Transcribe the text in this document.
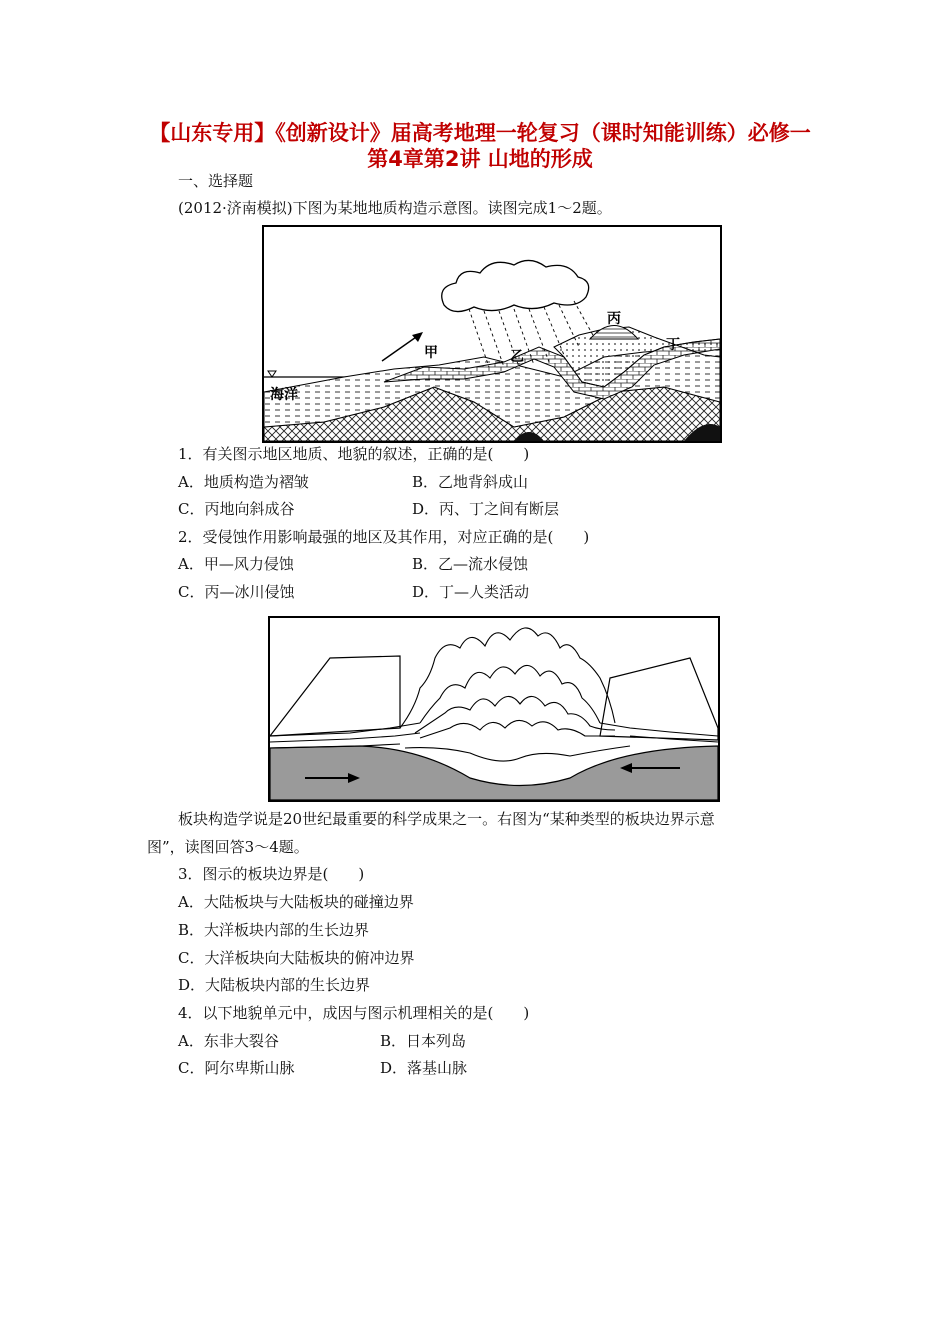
【山东专用】《创新设计》届高考地理一轮复习（课时知能训练）必修一 第4章第2讲 山地的形成
一、选择题
(2012·济南模拟)下图为某地地质构造示意图。读图完成1～2题。
海洋
甲	乙
丙
丁
1．有关图示地区地质、地貌的叙述，正确的是(　　)
A．地质构造为褶皱	B．乙地背斜成山
C．丙地向斜成谷	D．丙、丁之间有断层
2．受侵蚀作用影响最强的地区及其作用，对应正确的是(　　)
A．甲—风力侵蚀	B．乙—流水侵蚀
C．丙—冰川侵蚀	D．丁—人类活动
板块构造学说是20世纪最重要的科学成果之一。右图为“某种类型的板块边界示意
图”，读图回答3～4题。
3．图示的板块边界是(　　)
A．大陆板块与大陆板块的碰撞边界
B．大洋板块内部的生长边界
C．大洋板块向大陆板块的俯冲边界
D．大陆板块内部的生长边界
4．以下地貌单元中，成因与图示机理相关的是(　　)
A．东非大裂谷	B．日本列岛
C．阿尔卑斯山脉	D．落基山脉
